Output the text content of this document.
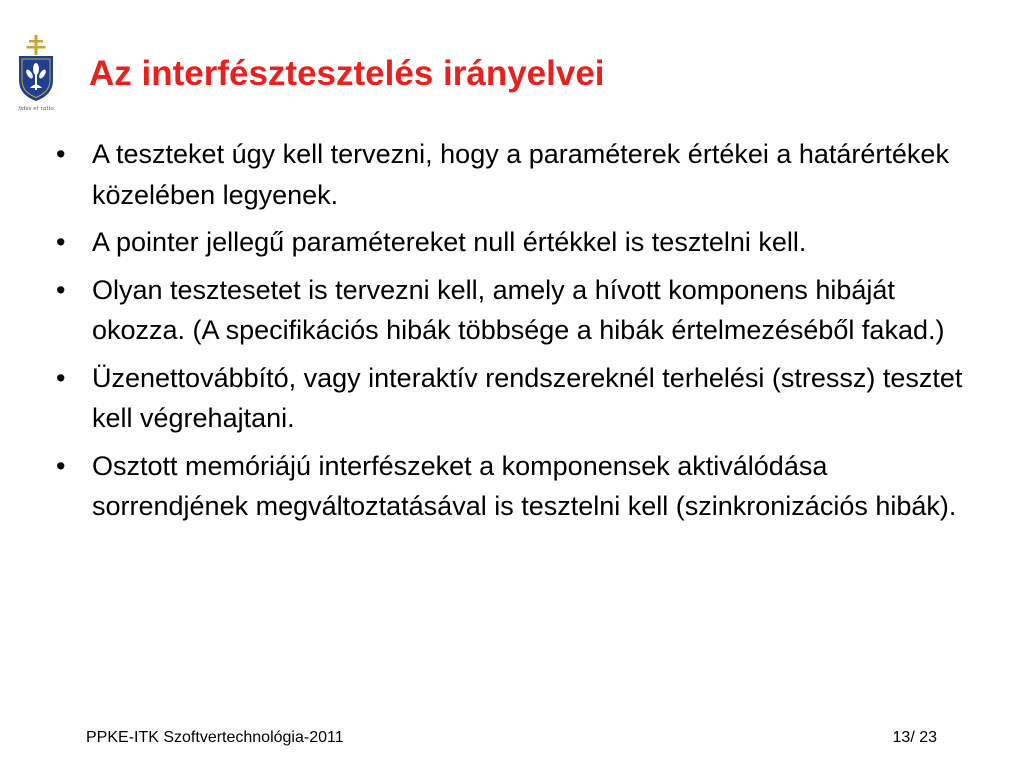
fides et ratio
Az interfésztesztelés irányelvei
• A teszteket úgy kell tervezni, hogy a paraméterek értékei a határértékek közelében legyenek.
• A pointer jellegű paramétereket null értékkel is tesztelni kell.
• Olyan tesztesetet is tervezni kell, amely a hívott komponens hibáját okozza. (A specifikációs hibák többsége a hibák értelmezéséből fakad.)
• Üzenettovábbító, vagy interaktív rendszereknél terhelési (stressz) tesztet kell végrehajtani.
• Osztott memóriájú interfészeket a komponensek aktiválódása sorrendjének megváltoztatásával is tesztelni kell (szinkronizációs hibák).
PPKE-ITK Szoftvertechnológia-2011	13/ 23
